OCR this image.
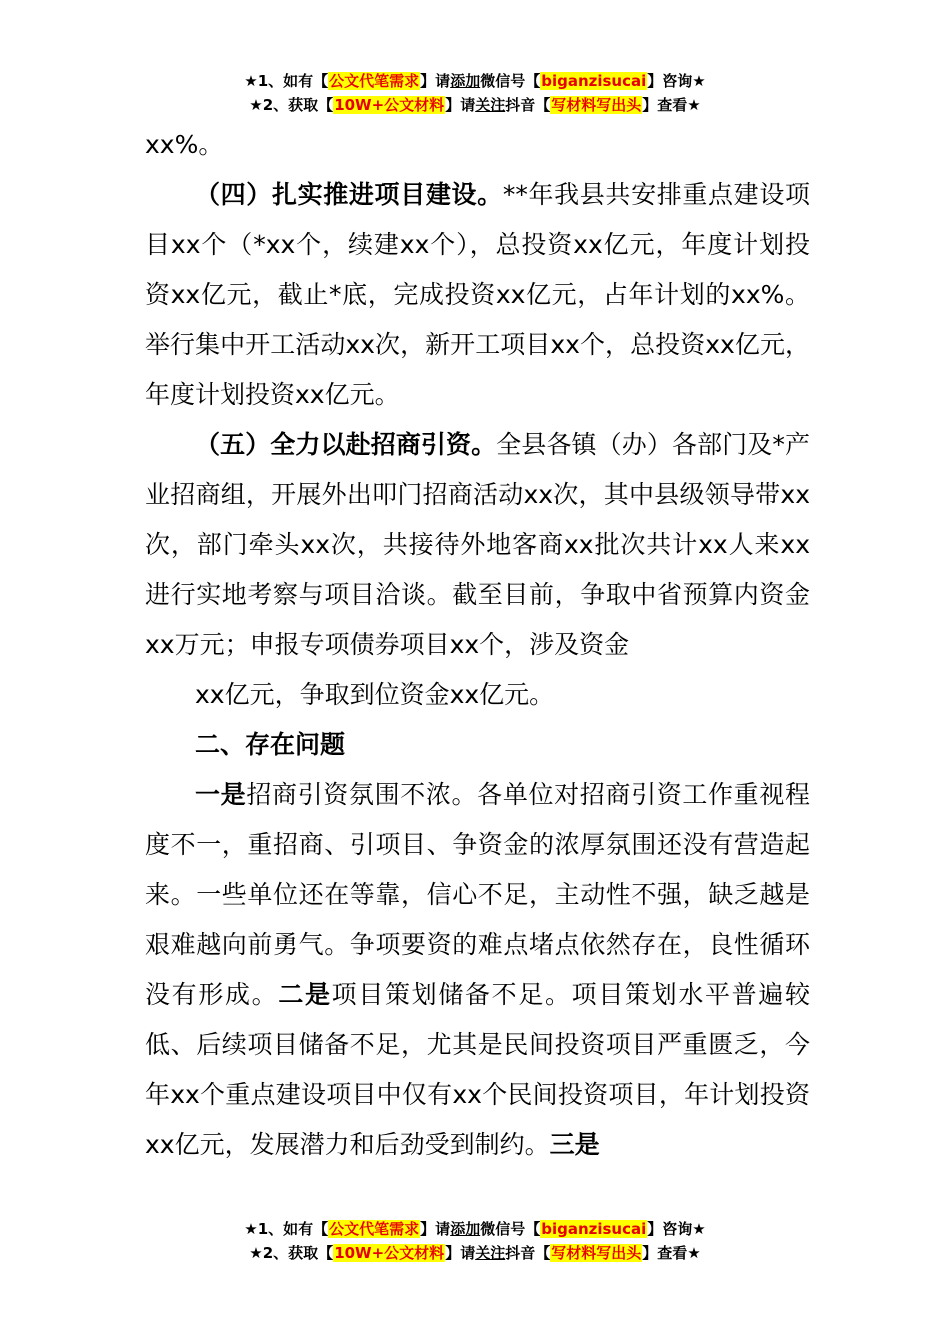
★1、如有【公文代笔需求】请添加微信号【biganzisucai】咨询★
★2、获取【10W+公文材料】请关注抖音【写材料写出头】查看★

xx%。

（四）扎实推进项目建设。**年我县共安排重点建设项目xx个（*xx个，续建xx个），总投资xx亿元，年度计划投资xx亿元，截止*底，完成投资xx亿元，占年计划的xx%。举行集中开工活动xx次，新开工项目xx个，总投资xx亿元，年度计划投资xx亿元。

（五）全力以赴招商引资。全县各镇（办）各部门及*产业招商组，开展外出叩门招商活动xx次，其中县级领导带xx次，部门牵头xx次，共接待外地客商xx批次共计xx人来xx进行实地考察与项目洽谈。截至目前，争取中省预算内资金xx万元；申报专项债券项目xx个，涉及资金

xx亿元，争取到位资金xx亿元。

二、存在问题

一是招商引资氛围不浓。各单位对招商引资工作重视程度不一，重招商、引项目、争资金的浓厚氛围还没有营造起来。一些单位还在等靠，信心不足，主动性不强，缺乏越是艰难越向前勇气。争项要资的难点堵点依然存在，良性循环没有形成。二是项目策划储备不足。项目策划水平普遍较低、后续项目储备不足，尤其是民间投资项目严重匮乏，今年xx个重点建设项目中仅有xx个民间投资项目，年计划投资xx亿元，发展潜力和后劲受到制约。三是

★1、如有【公文代笔需求】请添加微信号【biganzisucai】咨询★
★2、获取【10W+公文材料】请关注抖音【写材料写出头】查看★
